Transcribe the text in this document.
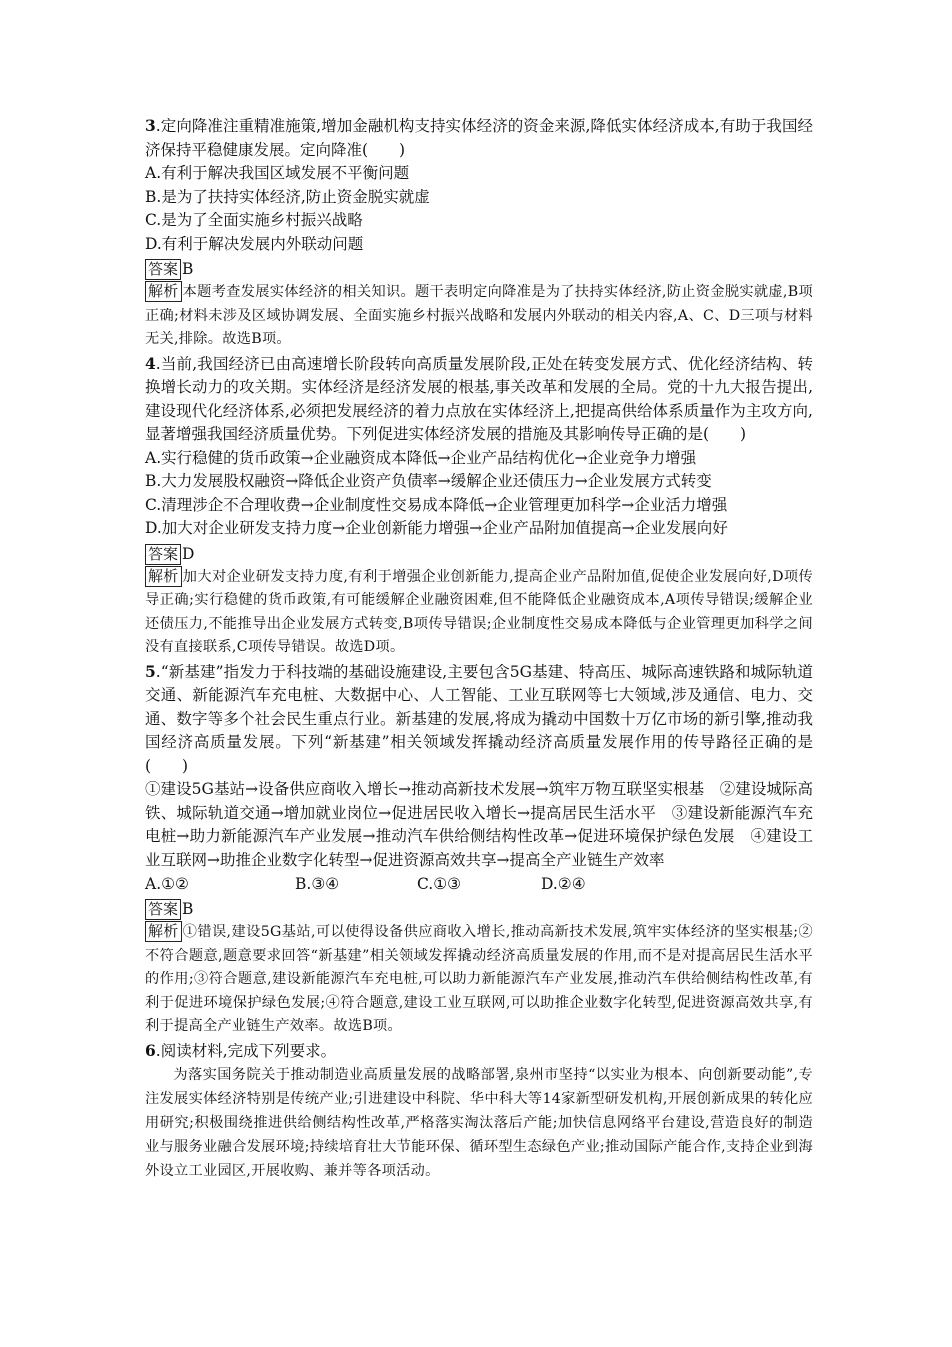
3.定向降准注重精准施策,增加金融机构支持实体经济的资金来源,降低实体经济成本,有助于我国经济保持平稳健康发展。定向降准(　　)

A.有利于解决我国区域发展不平衡问题

B.是为了扶持实体经济,防止资金脱实就虚

C.是为了全面实施乡村振兴战略

D.有利于解决发展内外联动问题

答案 B

解析 本题考查发展实体经济的相关知识。题干表明定向降准是为了扶持实体经济,防止资金脱实就虚,B项正确;材料未涉及区域协调发展、全面实施乡村振兴战略和发展内外联动的相关内容,A、C、D三项与材料无关,排除。故选B项。

4.当前,我国经济已由高速增长阶段转向高质量发展阶段,正处在转变发展方式、优化经济结构、转换增长动力的攻关期。实体经济是经济发展的根基,事关改革和发展的全局。党的十九大报告提出,建设现代化经济体系,必须把发展经济的着力点放在实体经济上,把提高供给体系质量作为主攻方向,显著增强我国经济质量优势。下列促进实体经济发展的措施及其影响传导正确的是(　　)

A.实行稳健的货币政策→企业融资成本降低→企业产品结构优化→企业竞争力增强

B.大力发展股权融资→降低企业资产负债率→缓解企业还债压力→企业发展方式转变

C.清理涉企不合理收费→企业制度性交易成本降低→企业管理更加科学→企业活力增强

D.加大对企业研发支持力度→企业创新能力增强→企业产品附加值提高→企业发展向好

答案 D

解析 加大对企业研发支持力度,有利于增强企业创新能力,提高企业产品附加值,促使企业发展向好,D项传导正确;实行稳健的货币政策,有可能缓解企业融资困难,但不能降低企业融资成本,A项传导错误;缓解企业还债压力,不能推导出企业发展方式转变,B项传导错误;企业制度性交易成本降低与企业管理更加科学之间没有直接联系,C项传导错误。故选D项。

5.“新基建”指发力于科技端的基础设施建设,主要包含5G基建、特高压、城际高速铁路和城际轨道交通、新能源汽车充电桩、大数据中心、人工智能、工业互联网等七大领域,涉及通信、电力、交通、数字等多个社会民生重点行业。新基建的发展,将成为撬动中国数十万亿市场的新引擎,推动我国经济高质量发展。下列“新基建”相关领域发挥撬动经济高质量发展作用的传导路径正确的是(　　)

①建设5G基站→设备供应商收入增长→推动高新技术发展→筑牢万物互联坚实根基　②建设城际高铁、城际轨道交通→增加就业岗位→促进居民收入增长→提高居民生活水平　③建设新能源汽车充电桩→助力新能源汽车产业发展→推动汽车供给侧结构性改革→促进环境保护绿色发展　④建设工业互联网→助推企业数字化转型→促进资源高效共享→提高全产业链生产效率

A.①②	B.③④	C.①③	D.②④

答案 B

解析 ①错误,建设5G基站,可以使得设备供应商收入增长,推动高新技术发展,筑牢实体经济的坚实根基;②不符合题意,题意要求回答“新基建”相关领域发挥撬动经济高质量发展的作用,而不是对提高居民生活水平的作用;③符合题意,建设新能源汽车充电桩,可以助力新能源汽车产业发展,推动汽车供给侧结构性改革,有利于促进环境保护绿色发展;④符合题意,建设工业互联网,可以助推企业数字化转型,促进资源高效共享,有利于提高全产业链生产效率。故选B项。

6.阅读材料,完成下列要求。

为落实国务院关于推动制造业高质量发展的战略部署,泉州市坚持“以实业为根本、向创新要动能”,专注发展实体经济特别是传统产业;引进建设中科院、华中科大等14家新型研发机构,开展创新成果的转化应用研究;积极围绕推进供给侧结构性改革,严格落实淘汰落后产能;加快信息网络平台建设,营造良好的制造业与服务业融合发展环境;持续培育壮大节能环保、循环型生态绿色产业;推动国际产能合作,支持企业到海外设立工业园区,开展收购、兼并等各项活动。
